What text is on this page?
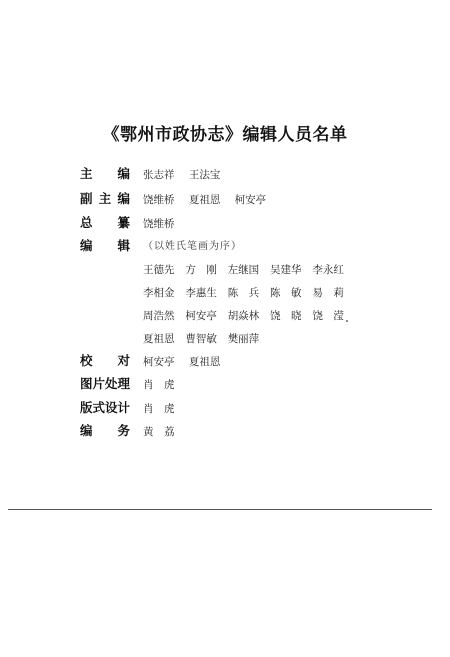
《鄂州市政协志》编辑人员名单
主 编 张志祥 王法宝
副 主 编 饶维桥 夏祖恩 柯安亭
总 纂 饶维桥
编 辑 （以姓氏笔画为序）
王德先 方　刚 左继国 吴建华 李永红
李相金 李惠生 陈　兵 陈　敏 易　莉
周浩然 柯安亭 胡焱林 饶　晓 饶　滢
夏祖恩 曹智敏 樊丽萍
校 对 柯安亭 夏祖恩
图片处理 肖　虎
版式设计 肖　虎
编 务 黄　荔
